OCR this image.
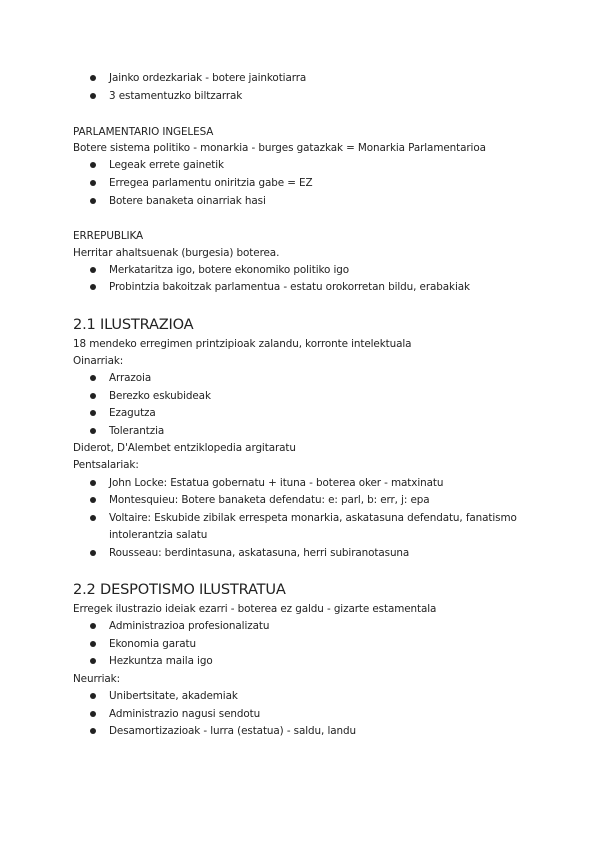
Jainko ordezkariak - botere jainkotiarra
3 estamentuzko biltzarrak
PARLAMENTARIO INGELESA
Botere sistema politiko - monarkia - burges gatazkak = Monarkia Parlamentarioa
Legeak errete gainetik
Erregea parlamentu oniritzia gabe = EZ
Botere banaketa oinarriak hasi
ERREPUBLIKA
Herritar ahaltsuenak (burgesia) boterea.
Merkataritza igo, botere ekonomiko politiko igo
Probintzia bakoitzak parlamentua - estatu orokorretan bildu, erabakiak
2.1 ILUSTRAZIOA
18 mendeko erregimen printzipioak zalandu, korronte intelektuala
Oinarriak:
Arrazoia
Berezko eskubideak
Ezagutza
Tolerantzia
Diderot, D'Alembet entziklopedia argitaratu
Pentsalariak:
John Locke: Estatua gobernatu + ituna - boterea oker - matxinatu
Montesquieu: Botere banaketa defendatu: e: parl, b: err, j: epa
Voltaire: Eskubide zibilak errespeta monarkia, askatasuna defendatu, fanatismo
intolerantzia salatu
Rousseau: berdintasuna, askatasuna, herri subiranotasuna
2.2 DESPOTISMO ILUSTRATUA
Erregek ilustrazio ideiak ezarri - boterea ez galdu - gizarte estamentala
Administrazioa profesionalizatu
Ekonomia garatu
Hezkuntza maila igo
Neurriak:
Unibertsitate, akademiak
Administrazio nagusi sendotu
Desamortizazioak - lurra (estatua) - saldu, landu
